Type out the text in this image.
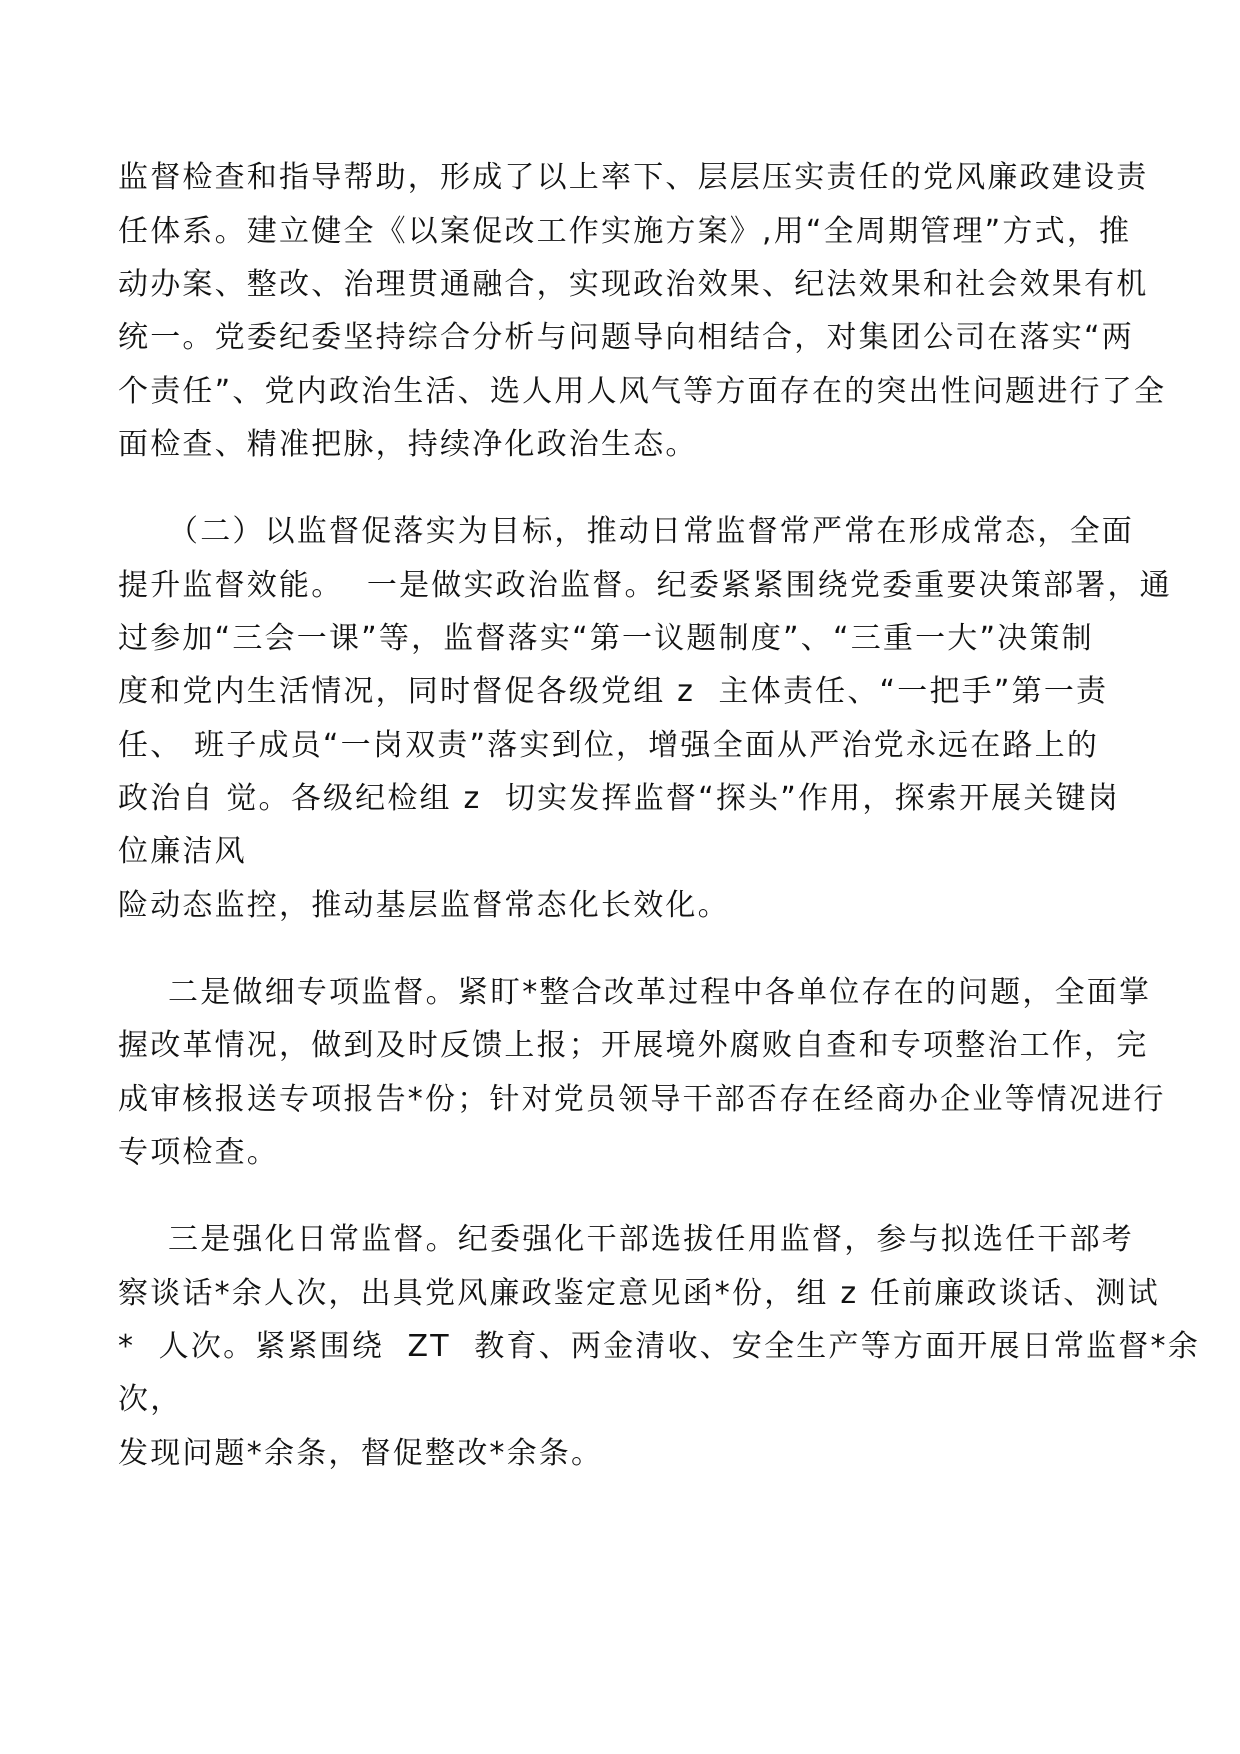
监督检查和指导帮助，形成了以上率下、层层压实责任的党风廉政建设责
任体系。建立健全《以案促改工作实施方案》,用“全周期管理”方式，推
动办案、整改、治理贯通融合，实现政治效果、纪法效果和社会效果有机
统一。党委纪委坚持综合分析与问题导向相结合，对集团公司在落实“两
个责任”、党内政治生活、选人用人风气等方面存在的突出性问题进行了全
面检查、精准把脉，持续净化政治生态。
（二）以监督促落实为目标，推动日常监督常严常在形成常态，全面
提升监督效能。  一是做实政治监督。纪委紧紧围绕党委重要决策部署，通
过参加“三会一课”等，监督落实“第一议题制度”、“三重一大”决策制
度和党内生活情况，同时督促各级党组 z  主体责任、“一把手”第一责
任、 班子成员“一岗双责”落实到位，增强全面从严治党永远在路上的
政治自 觉。各级纪检组 z  切实发挥监督“探头”作用，探索开展关键岗
位廉洁风
险动态监控，推动基层监督常态化长效化。
二是做细专项监督。紧盯*整合改革过程中各单位存在的问题，全面掌
握改革情况，做到及时反馈上报；开展境外腐败自查和专项整治工作，完
成审核报送专项报告*份；针对党员领导干部否存在经商办企业等情况进行
专项检查。
三是强化日常监督。纪委强化干部选拔任用监督，参与拟选任干部考
察谈话*余人次，出具党风廉政鉴定意见函*份，组 z 任前廉政谈话、测试
*  人次。紧紧围绕  ZT  教育、两金清收、安全生产等方面开展日常监督*余
次，
发现问题*余条，督促整改*余条。
